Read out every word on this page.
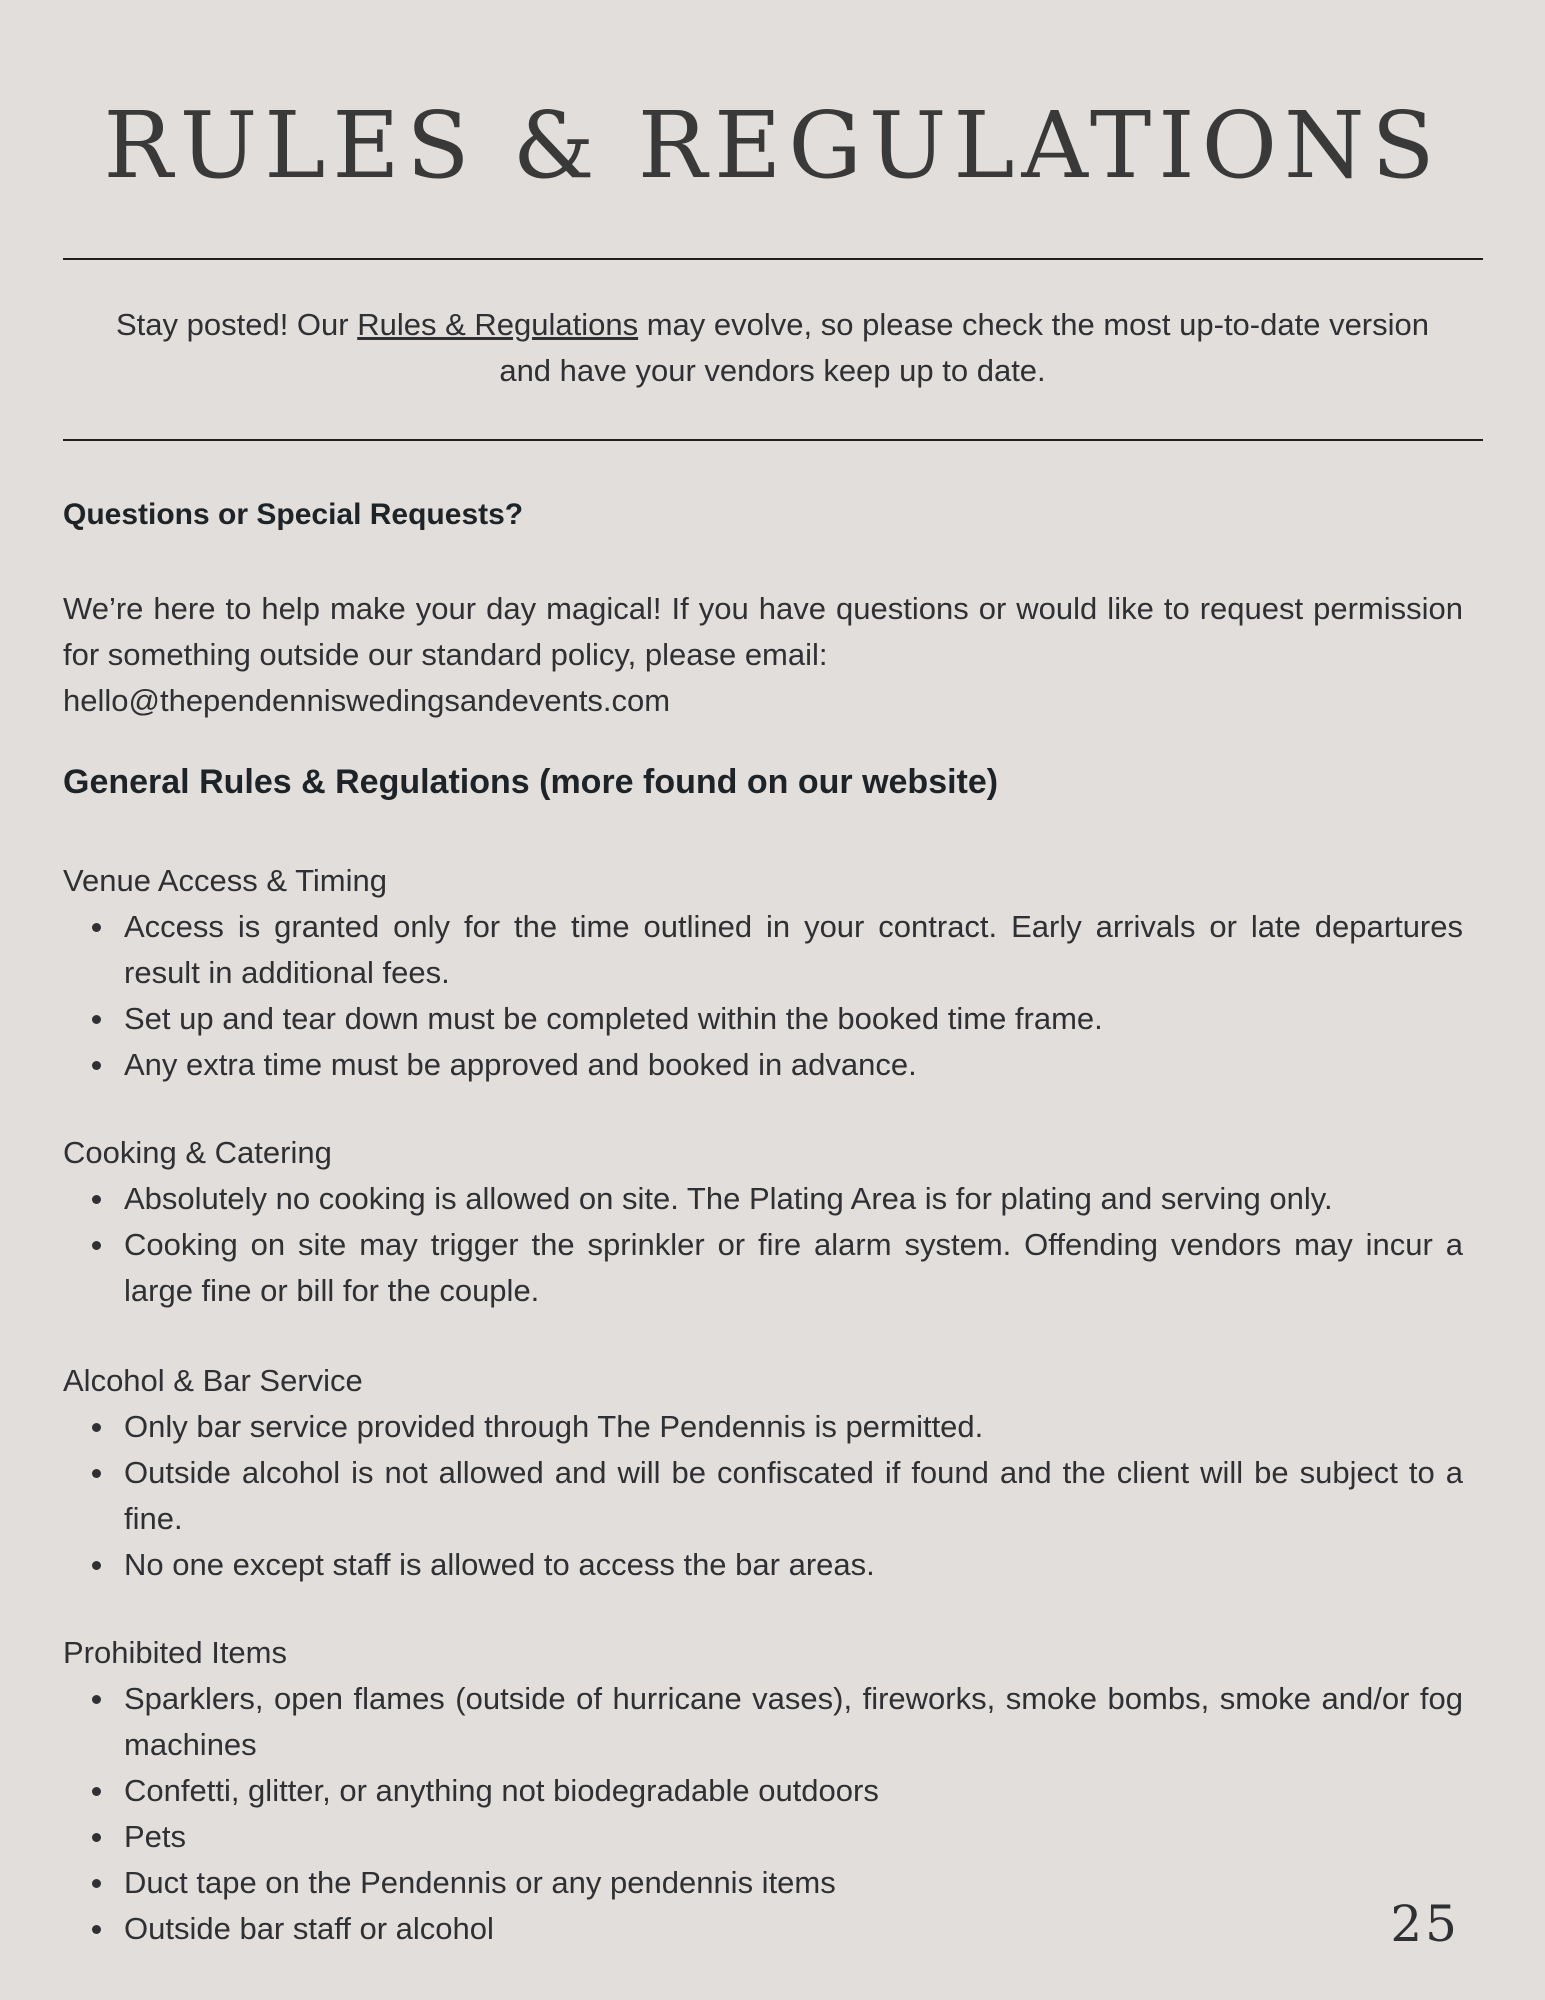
RULES & REGULATIONS

Stay posted! Our Rules & Regulations may evolve, so please check the most up-to-date version and have your vendors keep up to date.

Questions or Special Requests?

We’re here to help make your day magical! If you have questions or would like to request permission for something outside our standard policy, please email:
hello@thependenniswedingsandevents.com

General Rules & Regulations (more found on our website)

Venue Access & Timing

Access is granted only for the time outlined in your contract. Early arrivals or late departures result in additional fees.
Set up and tear down must be completed within the booked time frame.
Any extra time must be approved and booked in advance.

Cooking & Catering

Absolutely no cooking is allowed on site. The Plating Area is for plating and serving only.
Cooking on site may trigger the sprinkler or fire alarm system. Offending vendors may incur a large fine or bill for the couple.

Alcohol & Bar Service

Only bar service provided through The Pendennis is permitted.
Outside alcohol is not allowed and will be confiscated if found and the client will be subject to a fine.
No one except staff is allowed to access the bar areas.

Prohibited Items

Sparklers, open flames (outside of hurricane vases), fireworks, smoke bombs, smoke and/or fog machines
Confetti, glitter, or anything not biodegradable outdoors
Pets
Duct tape on the Pendennis or any pendennis items
Outside bar staff or alcohol	25
